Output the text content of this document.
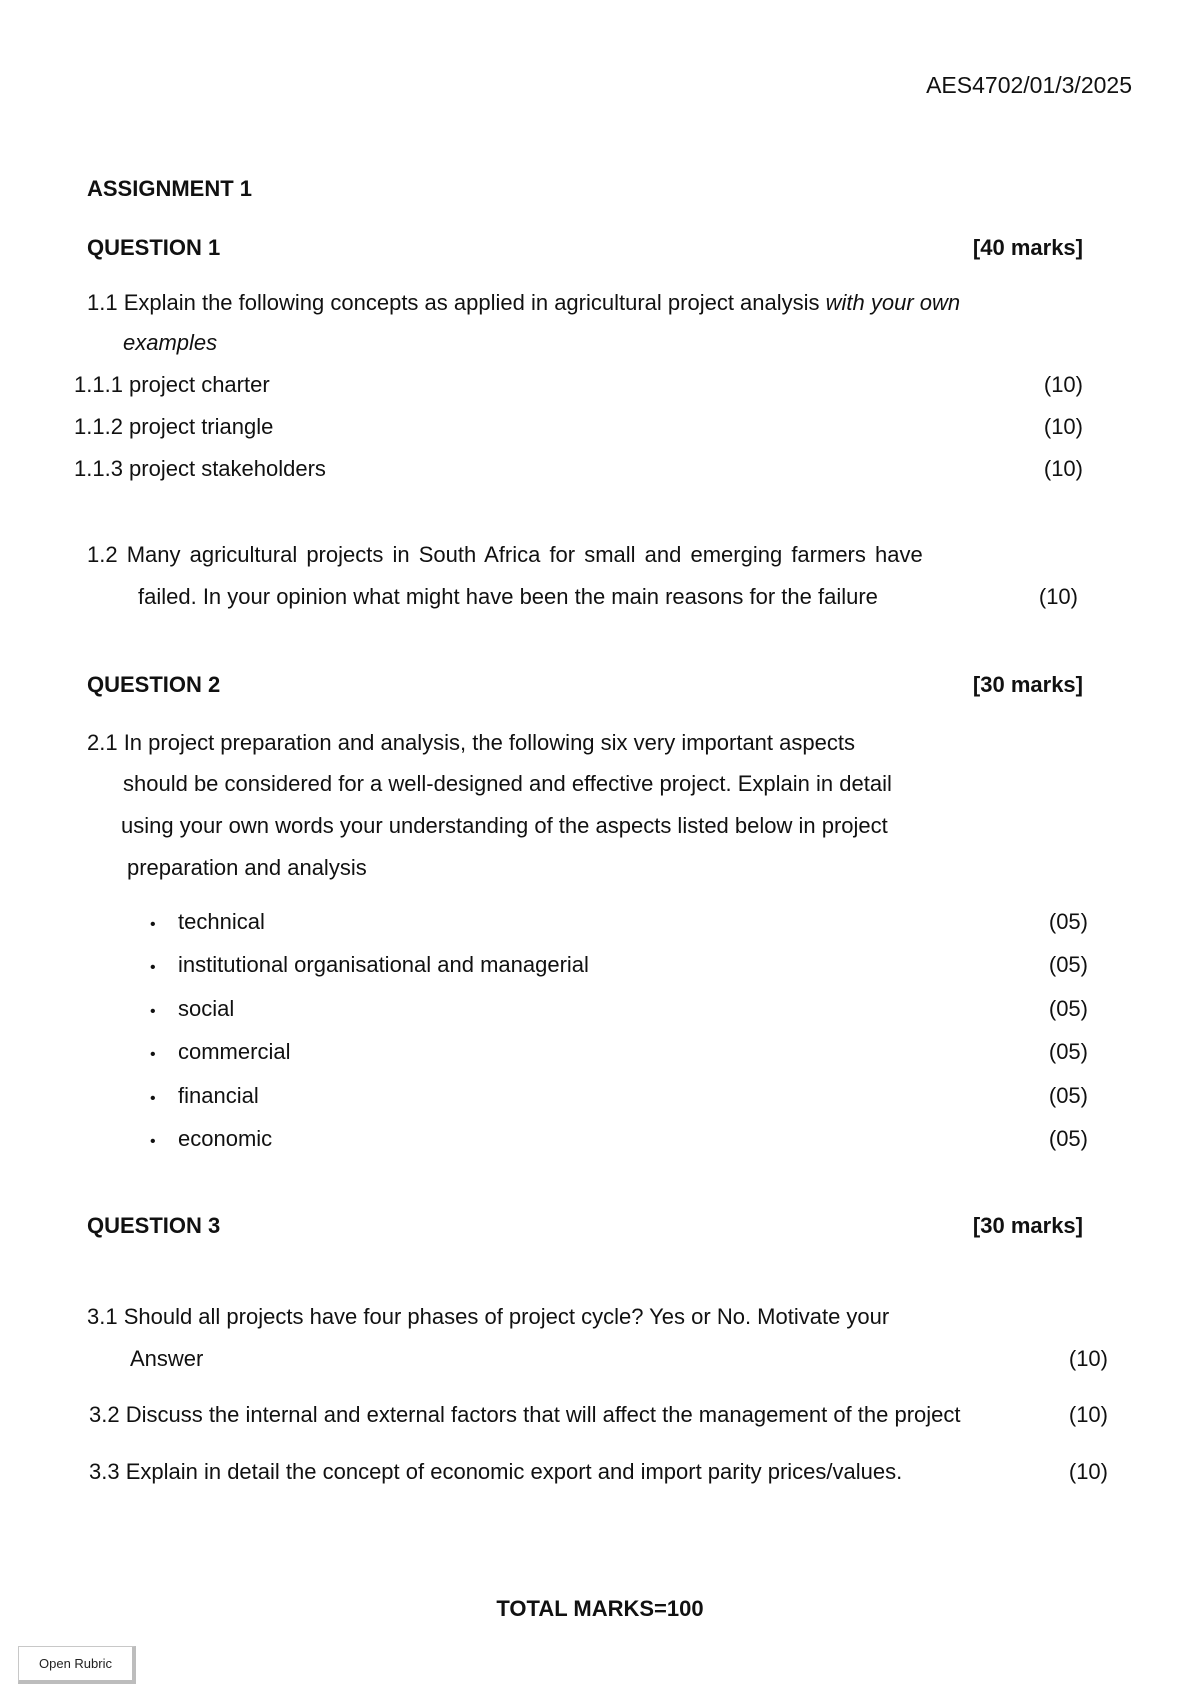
AES4702/01/3/2025
ASSIGNMENT 1
QUESTION 1	[40 marks]
1.1 Explain the following concepts as applied in agricultural project analysis with your own
examples
1.1.1 project charter	(10)
1.1.2 project triangle	(10)
1.1.3 project stakeholders	(10)
1.2 Many agricultural projects in South Africa for small and emerging farmers have
failed. In your opinion what might have been the main reasons for the failure	(10)
QUESTION 2	[30 marks]
2.1 In project preparation and analysis, the following six very important aspects
should be considered for a well-designed and effective project. Explain in detail
using your own words your understanding of the aspects listed below in project
preparation and analysis
• technical	(05)
• institutional organisational and managerial	(05)
• social	(05)
• commercial	(05)
• financial	(05)
• economic	(05)
QUESTION 3	[30 marks]
3.1 Should all projects have four phases of project cycle? Yes or No. Motivate your
Answer	(10)
3.2 Discuss the internal and external factors that will affect the management of the project	(10)
3.3 Explain in detail the concept of economic export and import parity prices/values.	(10)
TOTAL MARKS=100
Open Rubric
